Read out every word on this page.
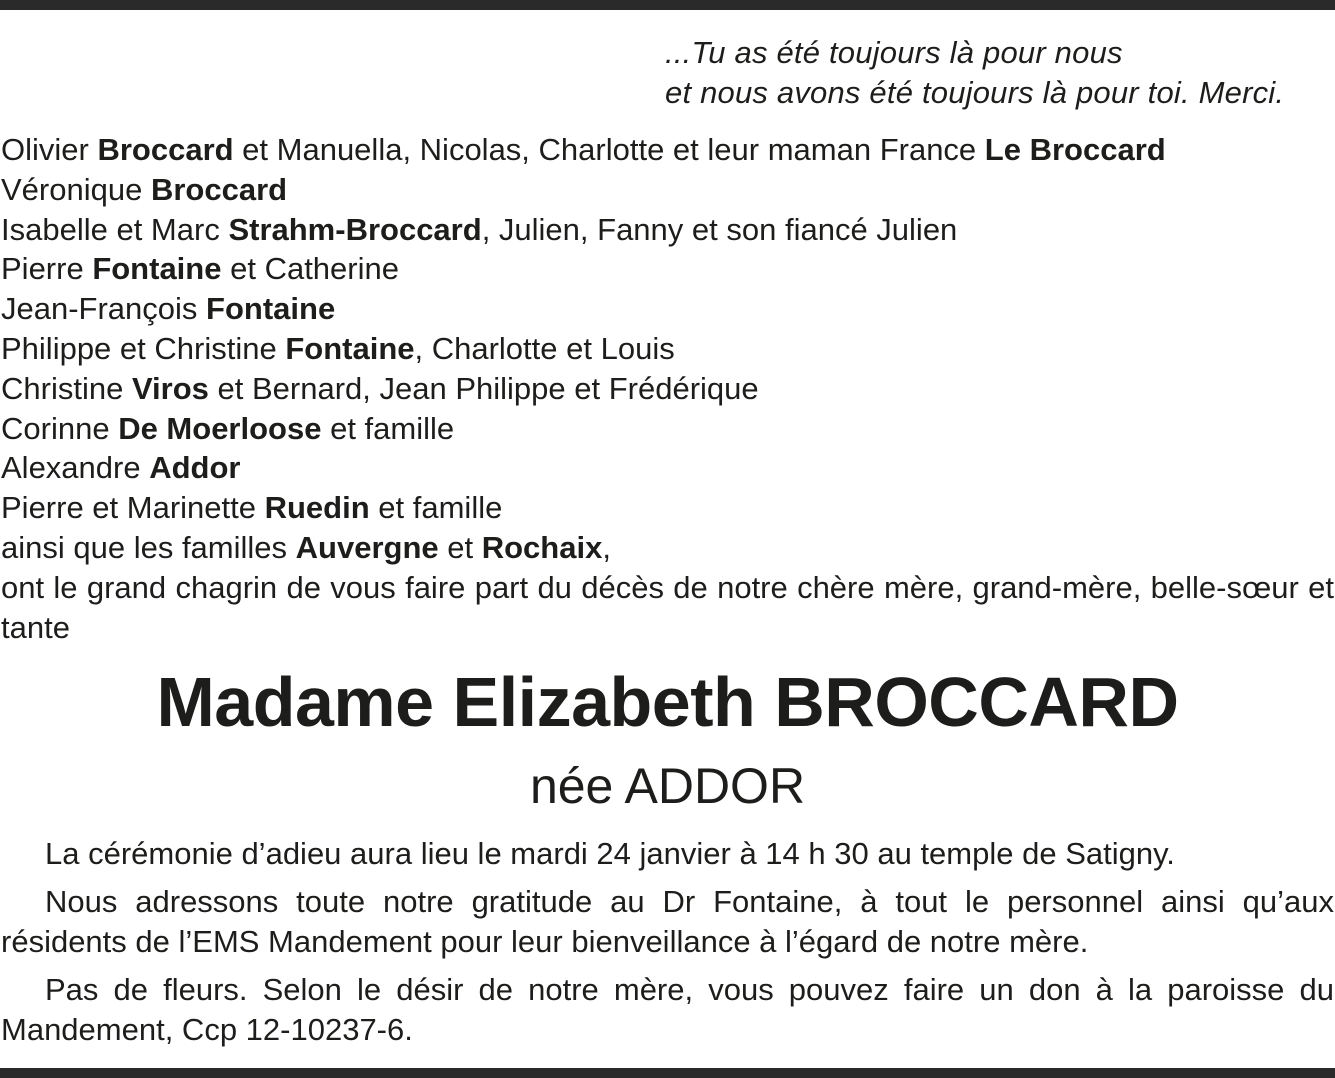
...Tu as été toujours là pour nous
et nous avons été toujours là pour toi. Merci.
Olivier Broccard et Manuella, Nicolas, Charlotte et leur maman France Le Broccard
Véronique Broccard
Isabelle et Marc Strahm-Broccard, Julien, Fanny et son fiancé Julien
Pierre Fontaine et Catherine
Jean-François Fontaine
Philippe et Christine Fontaine, Charlotte et Louis
Christine Viros et Bernard, Jean Philippe et Frédérique
Corinne De Moerloose et famille
Alexandre Addor
Pierre et Marinette Ruedin et famille
ainsi que les familles Auvergne et Rochaix,
ont le grand chagrin de vous faire part du décès de notre chère mère, grand-mère, belle-sœur et tante
Madame Elizabeth BROCCARD
née ADDOR

La cérémonie d’adieu aura lieu le mardi 24 janvier à 14 h 30 au temple de Satigny.

Nous adressons toute notre gratitude au Dr Fontaine, à tout le personnel ainsi qu’aux résidents de l’EMS Mandement pour leur bienveillance à l’égard de notre mère.

Pas de fleurs. Selon le désir de notre mère, vous pouvez faire un don à la paroisse du Mandement, Ccp 12-10237-6.
